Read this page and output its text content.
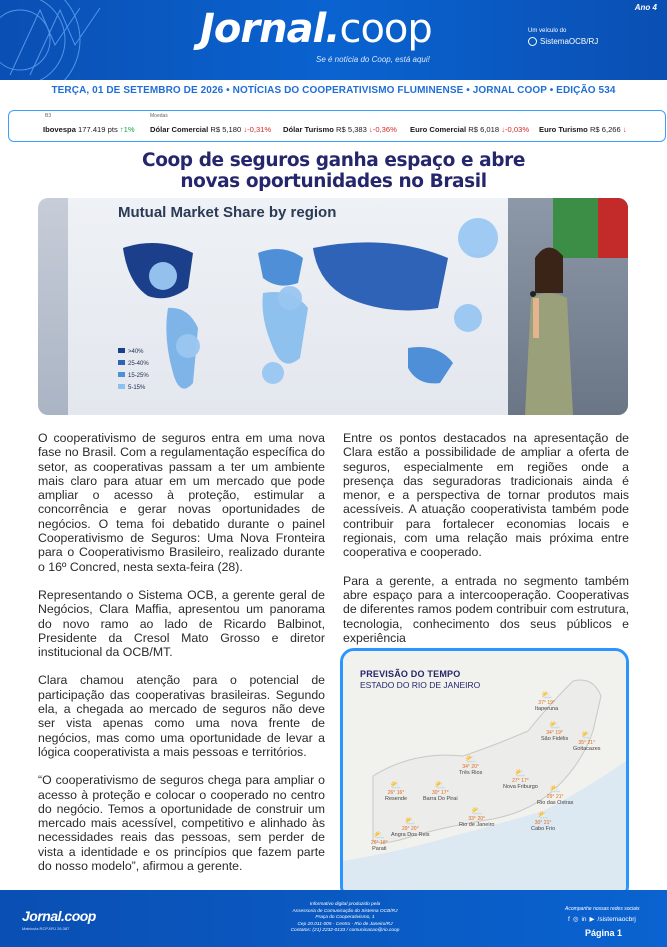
Jornal.coop
Se é notícia do Coop, está aqui!
Ano 4
Um veículo do
SistemaOCB/RJ
TERÇA, 01 DE SETEMBRO DE 2026 • NOTÍCIAS DO COOPERATIVISMO FLUMINENSE • JORNAL COOP • EDIÇÃO 534
B3	Moedas
Ibovespa 177.419 pts ↑1% Dólar Comercial R$ 5,180 ↓-0,31% Dólar Turismo R$ 5,383 ↓-0,36% Euro Comercial R$ 6,018 ↓-0,03% Euro Turismo R$ 6,266 ↓
Coop de seguros ganha espaço e abre
novas oportunidades no Brasil
Mutual Market Share by region
>40%
25-40%
15-25%
5-15%

O cooperativismo de seguros entra em uma nova fase no Brasil. Com a regulamentação específica do setor, as cooperativas passam a ter um ambiente mais claro para atuar em um mercado que pode ampliar o acesso à proteção, estimular a concorrência e gerar novas oportunidades de negócios. O tema foi debatido durante o painel Cooperativismo de Seguros: Uma Nova Fronteira para o Cooperativismo Brasileiro, realizado durante o 16º Concred, nesta sexta-feira (28).

Representando o Sistema OCB, a gerente geral de Negócios, Clara Maffia, apresentou um panorama do novo ramo ao lado de Ricardo Balbinot, Presidente da Cresol Mato Grosso e diretor institucional da OCB/MT.

Clara chamou atenção para o potencial de participação das cooperativas brasileiras. Segundo ela, a chegada ao mercado de seguros não deve ser vista apenas como uma nova frente de negócios, mas como uma oportunidade de levar a lógica cooperativista a mais pessoas e territórios.

“O cooperativismo de seguros chega para ampliar o acesso à proteção e colocar o cooperado no centro do negócio. Temos a oportunidade de construir um mercado mais acessível, competitivo e alinhado às necessidades reais das pessoas, sem perder de vista a identidade e os princípios que fazem parte do nosso modelo”, afirmou a gerente.

Entre os pontos destacados na apresentação de Clara estão a possibilidade de ampliar a oferta de seguros, especialmente em regiões onde a presença das seguradoras tradicionais ainda é menor, e a perspectiva de tornar produtos mais acessíveis. A atuação cooperativista também pode contribuir para fortalecer economias locais e regionais, com uma relação mais próxima entre cooperativa e cooperado.

Para a gerente, a entrada no segmento também abre espaço para a intercooperação. Cooperativas de diferentes ramos podem contribuir com estrutura, tecnologia, conhecimento dos seus públicos e experiência

PREVISÃO DO TEMPO
ESTADO DO RIO DE JANEIRO
⛅
37° 19°
Itaperuna
⛅
34° 19°
São Fidélis	⛅
35° 21°
Goitacazes
⛅
34° 20°
Três Rios	⛅
27° 17°
Nova Friburgo
⛅
26° 16°
Resende
⛅
30° 17°
Barra Do Pirai
⛅
29° 21°
Rio das Ostras
⛅
33° 20°
Rio de Janeiro
⛅
30° 21°
Cabo Frio
⛅
29° 20°
Angra Dos Reis
⛅
26° 18°
Parati
Jornal.coop
Matrícula RCPJ/RJ 26.387
Informativo digital produzido pela
Assessoria de Comunicação do Sistema OCB/RJ
Praça do Cooperativismo, 1
Cep 20.011-005 - Centro - Rio de Janeiro/RJ
Contatos: (21) 2232-0133 / comunicacao@rio.coop
Acompanhe nossas redes sociais
f ◎ in ▶ /sistemaocbrj
Página 1
